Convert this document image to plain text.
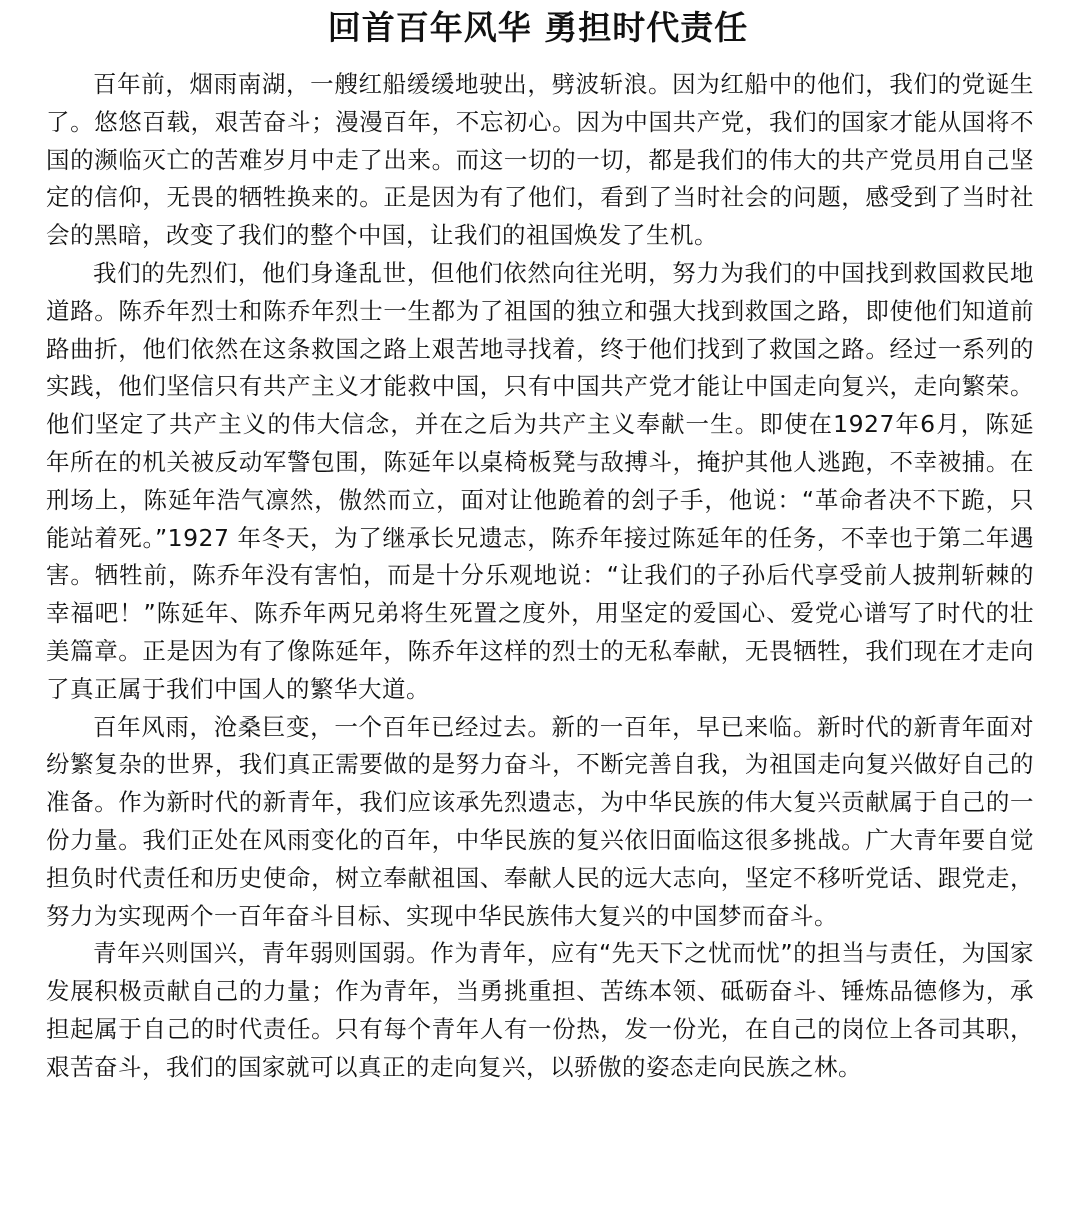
回首百年风华 勇担时代责任

百年前，烟雨南湖，一艘红船缓缓地驶出，劈波斩浪。因为红船中的他们，我们的党诞生了。悠悠百载，艰苦奋斗；漫漫百年，不忘初心。因为中国共产党，我们的国家才能从国将不国的濒临灭亡的苦难岁月中走了出来。而这一切的一切，都是我们的伟大的共产党员用自己坚定的信仰，无畏的牺牲换来的。正是因为有了他们，看到了当时社会的问题，感受到了当时社会的黑暗，改变了我们的整个中国，让我们的祖国焕发了生机。

我们的先烈们，他们身逢乱世，但他们依然向往光明，努力为我们的中国找到救国救民地道路。陈乔年烈士和陈乔年烈士一生都为了祖国的独立和强大找到救国之路，即使他们知道前路曲折，他们依然在这条救国之路上艰苦地寻找着，终于他们找到了救国之路。经过一系列的实践，他们坚信只有共产主义才能救中国，只有中国共产党才能让中国走向复兴，走向繁荣。他们坚定了共产主义的伟大信念，并在之后为共产主义奉献一生。即使在1927年6月，陈延年所在的机关被反动军警包围，陈延年以桌椅板凳与敌搏斗，掩护其他人逃跑，不幸被捕。在刑场上，陈延年浩气凛然，傲然而立，面对让他跪着的刽子手，他说：“革命者决不下跪，只能站着死。”1927 年冬天，为了继承长兄遗志，陈乔年接过陈延年的任务，不幸也于第二年遇害。牺牲前，陈乔年没有害怕，而是十分乐观地说：“让我们的子孙后代享受前人披荆斩棘的幸福吧！”陈延年、陈乔年两兄弟将生死置之度外，用坚定的爱国心、爱党心谱写了时代的壮美篇章。正是因为有了像陈延年，陈乔年这样的烈士的无私奉献，无畏牺牲，我们现在才走向了真正属于我们中国人的繁华大道。

百年风雨，沧桑巨变，一个百年已经过去。新的一百年，早已来临。新时代的新青年面对纷繁复杂的世界，我们真正需要做的是努力奋斗，不断完善自我，为祖国走向复兴做好自己的准备。作为新时代的新青年，我们应该承先烈遗志，为中华民族的伟大复兴贡献属于自己的一份力量。我们正处在风雨变化的百年，中华民族的复兴依旧面临这很多挑战。广大青年要自觉担负时代责任和历史使命，树立奉献祖国、奉献人民的远大志向，坚定不移听党话、跟党走，努力为实现两个一百年奋斗目标、实现中华民族伟大复兴的中国梦而奋斗。

青年兴则国兴，青年弱则国弱。作为青年，应有“先天下之忧而忧”的担当与责任，为国家发展积极贡献自己的力量；作为青年，当勇挑重担、苦练本领、砥砺奋斗、锤炼品德修为，承担起属于自己的时代责任。只有每个青年人有一份热，发一份光，在自己的岗位上各司其职，艰苦奋斗，我们的国家就可以真正的走向复兴，以骄傲的姿态走向民族之林。
